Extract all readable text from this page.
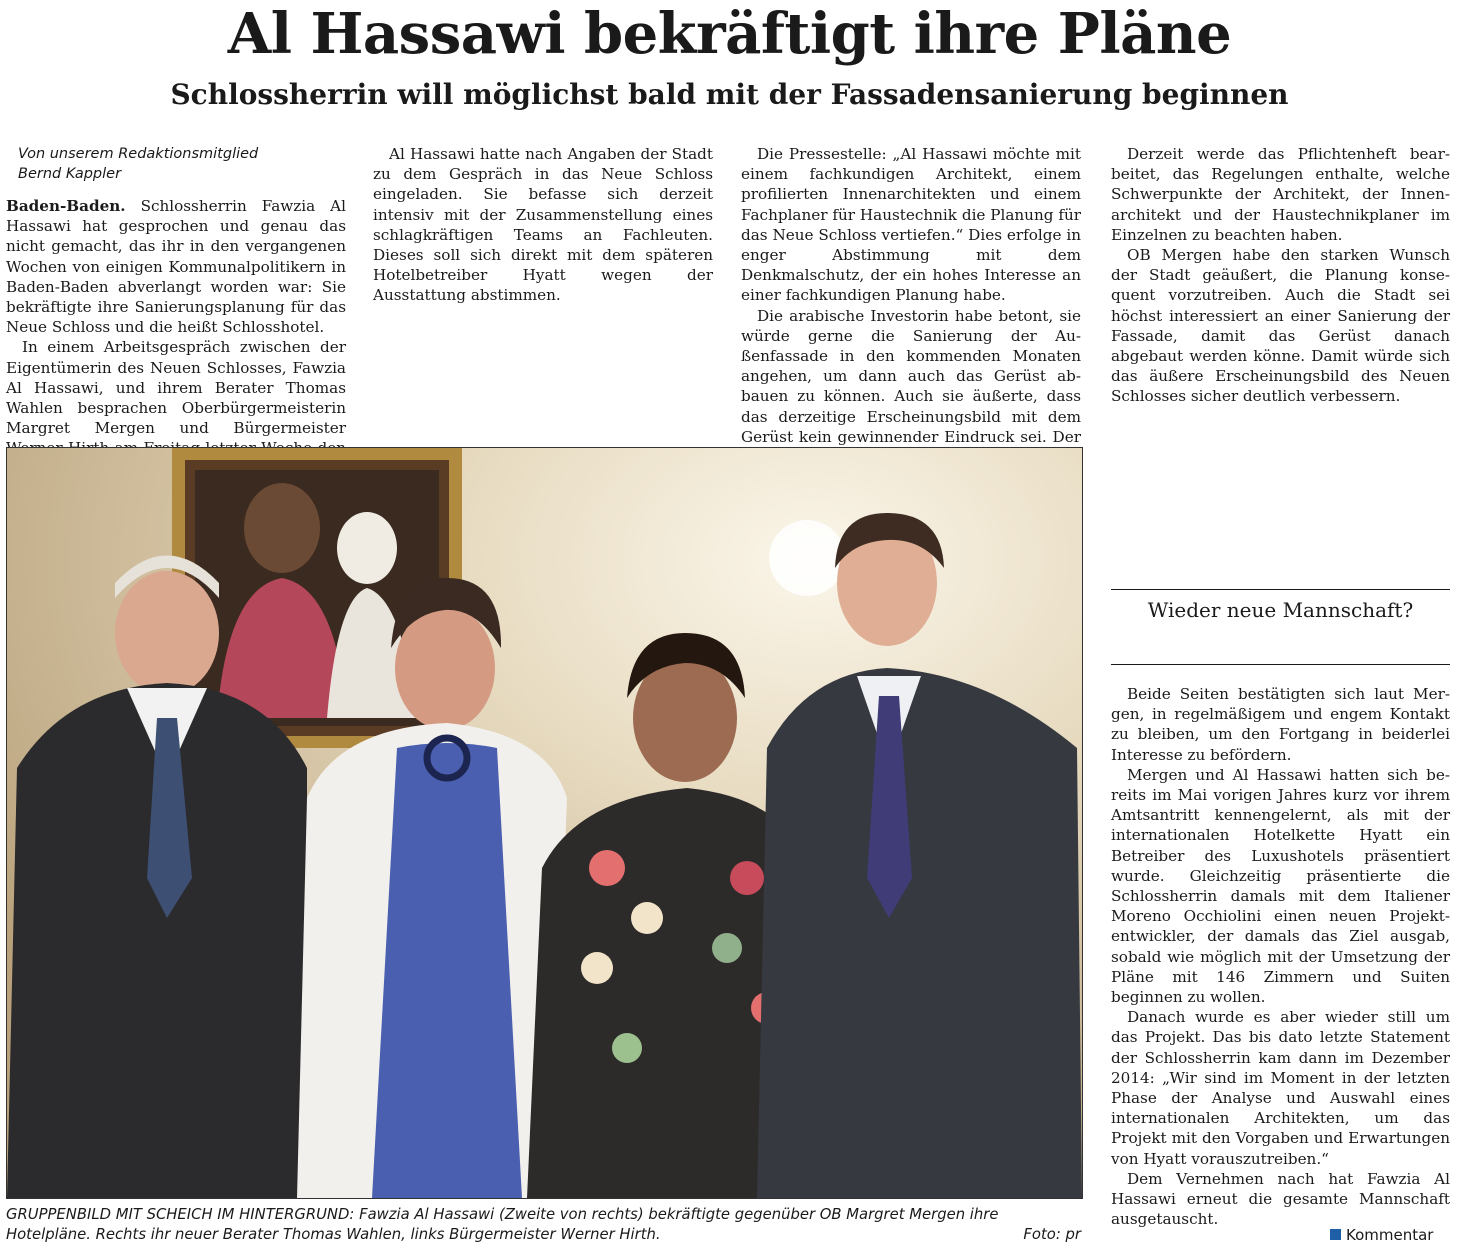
Al Hassawi bekräftigt ihre Pläne
Schlossherrin will möglichst bald mit der Fassadensanierung beginnen
Von unserem Redaktionsmitglied
Bernd Kappler

Baden-Baden. Schlossherrin Fawzia Al Hassawi hat gesprochen und genau das nicht gemacht, das ihr in den vergangenen Wochen von einigen Kommunalpolitikern in Baden-Baden abverlangt worden war: Sie bekräftigte ihre Sanierungsplanung für das Neue Schloss und die heißt Schlosshotel.

In einem Arbeitsgespräch zwischen der Eigentümerin des Neuen Schlosses, Fawzia Al Hassawi, und ihrem Berater Thomas Wahlen besprachen Oberbürgermeisterin Margret Mergen und Bürgermeister

Al Hassawi hatte nach Angaben der Stadt zu dem Gespräch in das Neue Schloss eingeladen. Sie befasse sich derzeit intensiv mit der Zusammenstellung eines schlagkräftigen Teams an Fachleuten. Dieses soll sich direkt mit dem späteren Hotelbetreiber Hyatt wegen der Ausstattung abstimmen.

Die Pressestelle: „Al Hassawi möchte mit einem fachkundigen Architekt, einem profilierten Innenarchitekten und einem Fachplaner für Haustechnik die Planung für das Neue Schloss vertiefen.“ Dies erfolge in enger Abstimmung mit dem Denkmalschutz, der ein hohes Interesse an einer fachkundigen Planung habe.

Die arabische Investorin habe betont, sie würde gerne die Sanierung der Außenfassade in den kommenden Monaten angehen, um dann auch das Gerüst abbauen zu können. Auch sie äußerte, dass das derzeitige Erscheinungsbild mit dem Gerüst kein gewinnender Eindruck sei. Der

Derzeit werde das Pflichtenheft bearbeitet, das Regelungen enthalte, welche Schwerpunkte der Architekt, der Innenarchitekt und der Haustechnikplaner im Einzelnen zu beachten haben.

OB Mergen habe den starken Wunsch der Stadt geäußert, die Planung konsequent vorzutreiben. Auch die Stadt sei höchst interessiert an einer Sanierung der Fassade, damit das Gerüst danach abgebaut werden könne. Damit würde sich das äußere Erscheinungsbild des Neuen Schlosses sicher deutlich verbessern.

Wieder neue Mannschaft?

Beide Seiten bestätigten sich laut Mergen, in regelmäßigem und engem Kontakt zu bleiben, um den Fortgang in beiderlei Interesse zu befördern.

Mergen und Al Hassawi hatten sich bereits im Mai vorigen Jahres kurz vor ihrem Amtsantritt kennengelernt, als mit der internationalen Hotelkette Hyatt ein Betreiber des Luxushotels präsentiert wurde. Gleichzeitig präsentierte die Schlossherrin damals mit dem Italiener Moreno Occhiolini einen neuen Projektentwickler, der damals das Ziel ausgab, sobald wie möglich mit der Umsetzung der Pläne mit 146 Zimmern und Suiten beginnen zu wollen.

Danach wurde es aber wieder still um das Projekt. Das bis dato letzte Statement der Schlossherrin kam dann im Dezember 2014: „Wir sind im Moment in der letzten Phase der Analyse und Auswahl eines internationalen Architekten, um das Projekt mit den Vorgaben und Erwartungen von Hyatt vorauszutreiben.“

Dem Vernehmen nach hat Fawzia Al Hassawi erneut die gesamte Mannschaft ausgetauscht.

GRUPPENBILD MIT SCHEICH IM HINTERGRUND: Fawzia Al Hassawi (Zweite von rechts) bekräftigte gegenüber OB Margret Mergen ihre Hotelpläne. Rechts ihr neuer Berater Thomas Wahlen, links Bürgermeister Werner Hirth.	Foto: pr	Kommentar
